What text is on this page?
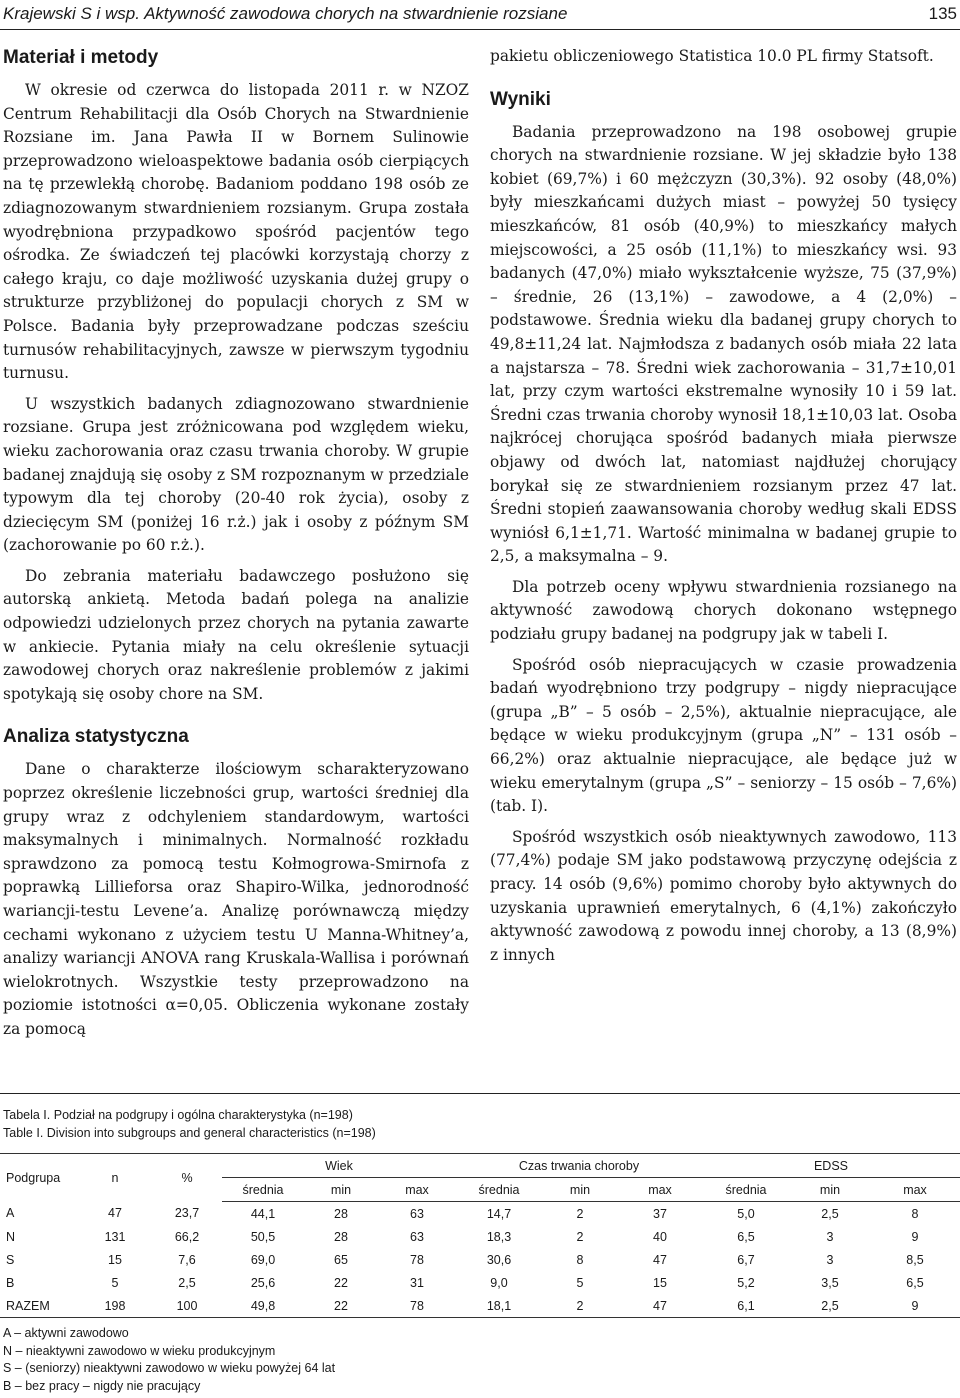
Krajewski S i wsp. Aktywność zawodowa chorych na stwardnienie rozsiane	135
Materiał i metody

W okresie od czerwca do listopada 2011 r. w NZOZ Centrum Rehabilitacji dla Osób Chorych na Stwardnienie Rozsiane im. Jana Pawła II w Bornem Sulinowie przeprowadzono wieloaspektowe badania osób cierpiących na tę przewlekłą chorobę. Badaniom poddano 198 osób ze zdiagnozowanym stwardnieniem rozsianym. Grupa została wyodrębniona przypadkowo spośród pacjentów tego ośrodka. Ze świadczeń tej placówki korzystają chorzy z całego kraju, co daje możliwość uzyskania dużej grupy o strukturze przybliżonej do populacji chorych z SM w Polsce. Badania były przeprowadzane podczas sześciu turnusów rehabilitacyjnych, zawsze w pierwszym tygodniu turnusu.

U wszystkich badanych zdiagnozowano stwardnienie rozsiane. Grupa jest zróżnicowana pod względem wieku, wieku zachorowania oraz czasu trwania choroby. W grupie badanej znajdują się osoby z SM rozpoznanym w przedziale typowym dla tej choroby (20-40 rok życia), osoby z dziecięcym SM (poniżej 16 r.ż.) jak i osoby z późnym SM (zachorowanie po 60 r.ż.).

Do zebrania materiału badawczego posłużono się autorską ankietą. Metoda badań polega na analizie odpowiedzi udzielonych przez chorych na pytania zawarte w ankiecie. Pytania miały na celu określenie sytuacji zawodowej chorych oraz nakreślenie problemów z jakimi spotykają się osoby chore na SM.

Analiza statystyczna

Dane o charakterze ilościowym scharakteryzowano poprzez określenie liczebności grup, wartości średniej dla grupy wraz z odchyleniem standardowym, wartości maksymalnych i minimalnych. Normalność rozkładu sprawdzono za pomocą testu Kołmogrowa-Smirnofa z poprawką Lillieforsa oraz Shapiro-Wilka, jednorodność wariancji-testu Levene’a. Analizę porównawczą między cechami wykonano z użyciem testu U Manna-Whitney’a, analizy wariancji ANOVA rang Kruskala-Wallisa i porównań wielokrotnych. Wszystkie testy przeprowadzono na poziomie istotności α=0,05. Obliczenia wykonane zostały za pomocą

pakietu obliczeniowego Statistica 10.0 PL firmy Statsoft.

Wyniki

Badania przeprowadzono na 198 osobowej grupie chorych na stwardnienie rozsiane. W jej składzie było 138 kobiet (69,7%) i 60 mężczyzn (30,3%). 92 osoby (48,0%) były mieszkańcami dużych miast – powyżej 50 tysięcy mieszkańców, 81 osób (40,9%) to mieszkańcy małych miejscowości, a 25 osób (11,1%) to mieszkańcy wsi. 93 badanych (47,0%) miało wykształcenie wyższe, 75 (37,9%) – średnie, 26 (13,1%) – zawodowe, a 4 (2,0%) – podstawowe. Średnia wieku dla badanej grupy chorych to 49,8±11,24 lat. Najmłodsza z badanych osób miała 22 lata a najstarsza – 78. Średni wiek zachorowania – 31,7±10,01 lat, przy czym wartości ekstremalne wynosiły 10 i 59 lat. Średni czas trwania choroby wynosił 18,1±10,03 lat. Osoba najkrócej chorująca spośród badanych miała pierwsze objawy od dwóch lat, natomiast najdłużej chorujący borykał się ze stwardnieniem rozsianym przez 47 lat. Średni stopień zaawansowania choroby według skali EDSS wyniósł 6,1±1,71. Wartość minimalna w badanej grupie to 2,5, a maksymalna – 9.

Dla potrzeb oceny wpływu stwardnienia rozsianego na aktywność zawodową chorych dokonano wstępnego podziału grupy badanej na podgrupy jak w tabeli I.

Spośród osób niepracujących w czasie prowadzenia badań wyodrębniono trzy podgrupy – nigdy niepracujące (grupa „B” – 5 osób – 2,5%), aktualnie niepracujące, ale będące w wieku produkcyjnym (grupa „N” – 131 osób – 66,2%) oraz aktualnie niepracujące, ale będące już w wieku emerytalnym (grupa „S” – seniorzy – 15 osób – 7,6%) (tab. I).

Spośród wszystkich osób nieaktywnych zawodowo, 113 (77,4%) podaje SM jako podstawową przyczynę odejścia z pracy. 14 osób (9,6%) pomimo choroby było aktywnych do uzyskania uprawnień emerytalnych, 6 (4,1%) zakończyło aktywność zawodową z powodu innej choroby, a 13 (8,9%) z innych

Tabela I. Podział na podgrupy i ogólna charakterystyka (n=198)
Table I. Division into subgroups and general characteristics (n=198)
Podgrupa	n	%	Wiek			Czas trwania choroby			EDSS		
			średnia	min	max	średnia	min	max	średnia	min	max
A	47	23,7	44,1	28	63	14,7	2	37	5,0	2,5	8
N	131	66,2	50,5	28	63	18,3	2	40	6,5	3	9
S	15	7,6	69,0	65	78	30,6	8	47	6,7	3	8,5
B	5	2,5	25,6	22	31	9,0	5	15	5,2	3,5	6,5
RAZEM	198	100	49,8	22	78	18,1	2	47	6,1	2,5	9
A – aktywni zawodowo
N – nieaktywni zawodowo w wieku produkcyjnym
S – (seniorzy) nieaktywni zawodowo w wieku powyżej 64 lat
B – bez pracy – nigdy nie pracujący
